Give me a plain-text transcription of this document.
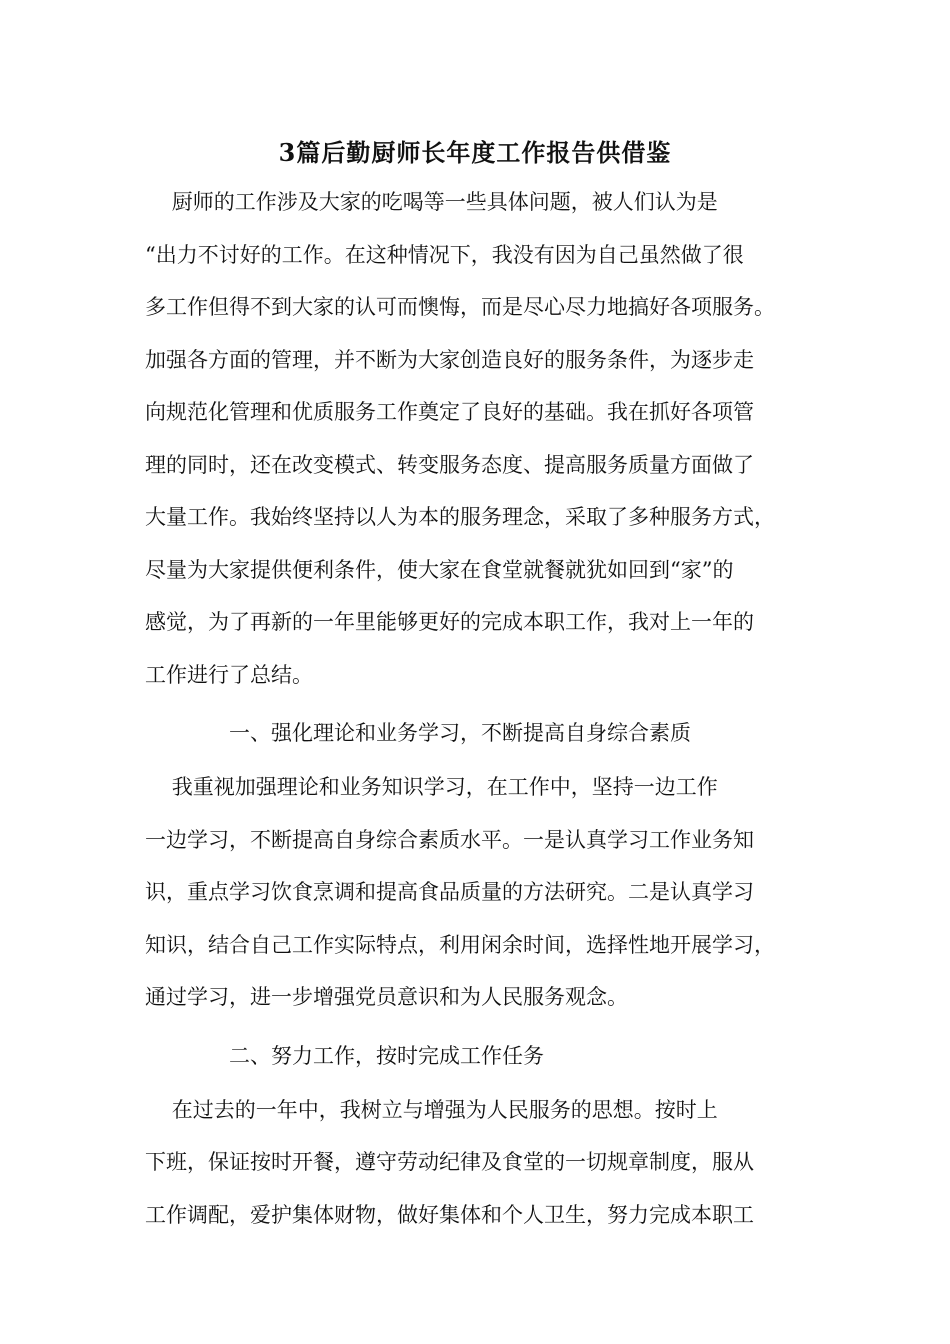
3篇后勤厨师长年度工作报告供借鉴
厨师的工作涉及大家的吃喝等一些具体问题，被人们认为是
“出力不讨好的工作。在这种情况下，我没有因为自己虽然做了很
多工作但得不到大家的认可而懊悔，而是尽心尽力地搞好各项服务。
加强各方面的管理，并不断为大家创造良好的服务条件，为逐步走
向规范化管理和优质服务工作奠定了良好的基础。我在抓好各项管
理的同时，还在改变模式、转变服务态度、提高服务质量方面做了
大量工作。我始终坚持以人为本的服务理念，采取了多种服务方式，
尽量为大家提供便利条件，使大家在食堂就餐就犹如回到“家”的
感觉，为了再新的一年里能够更好的完成本职工作，我对上一年的
工作进行了总结。
一、强化理论和业务学习，不断提高自身综合素质
我重视加强理论和业务知识学习，在工作中，坚持一边工作
一边学习，不断提高自身综合素质水平。一是认真学习工作业务知
识，重点学习饮食烹调和提高食品质量的方法研究。二是认真学习
知识，结合自己工作实际特点，利用闲余时间，选择性地开展学习，
通过学习，进一步增强党员意识和为人民服务观念。
二、努力工作，按时完成工作任务
在过去的一年中，我树立与增强为人民服务的思想。按时上
下班，保证按时开餐，遵守劳动纪律及食堂的一切规章制度，服从
工作调配，爱护集体财物，做好集体和个人卫生，努力完成本职工
